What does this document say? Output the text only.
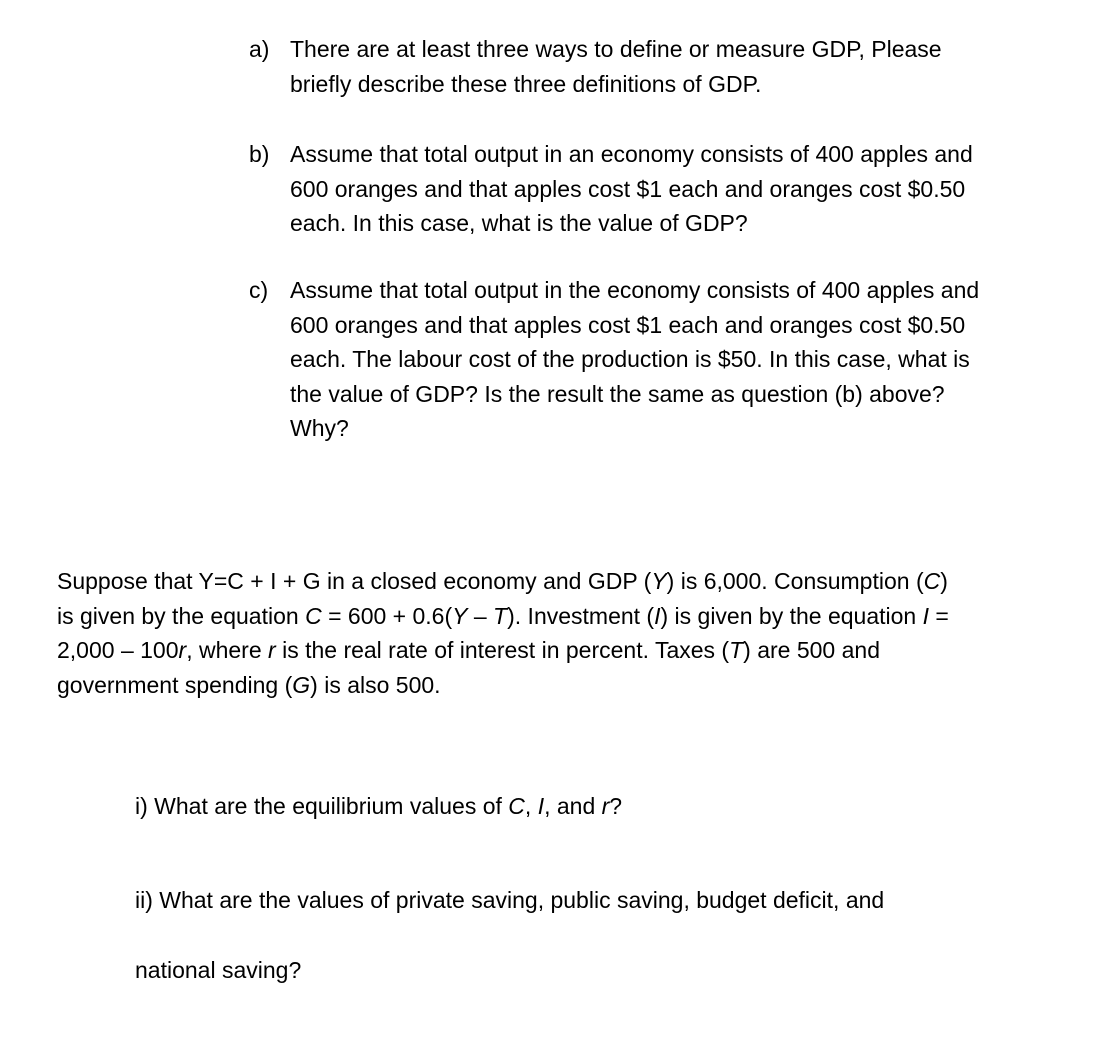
a) There are at least three ways to define or measure GDP, Please
briefly describe these three definitions of GDP.
b) Assume that total output in an economy consists of 400 apples and
600 oranges and that apples cost $1 each and oranges cost $0.50
each. In this case, what is the value of GDP?
c) Assume that total output in the economy consists of 400 apples and
600 oranges and that apples cost $1 each and oranges cost $0.50
each. The labour cost of the production is $50. In this case, what is
the value of GDP? Is the result the same as question (b) above?
Why?
Suppose that Y=C + I + G in a closed economy and GDP (Y) is 6,000. Consumption (C)
is given by the equation C = 600 + 0.6(Y – T). Investment (I) is given by the equation I =
2,000 – 100r, where r is the real rate of interest in percent. Taxes (T) are 500 and
government spending (G) is also 500.
i) What are the equilibrium values of C, I, and r?
ii) What are the values of private saving, public saving, budget deficit, and
national saving?
